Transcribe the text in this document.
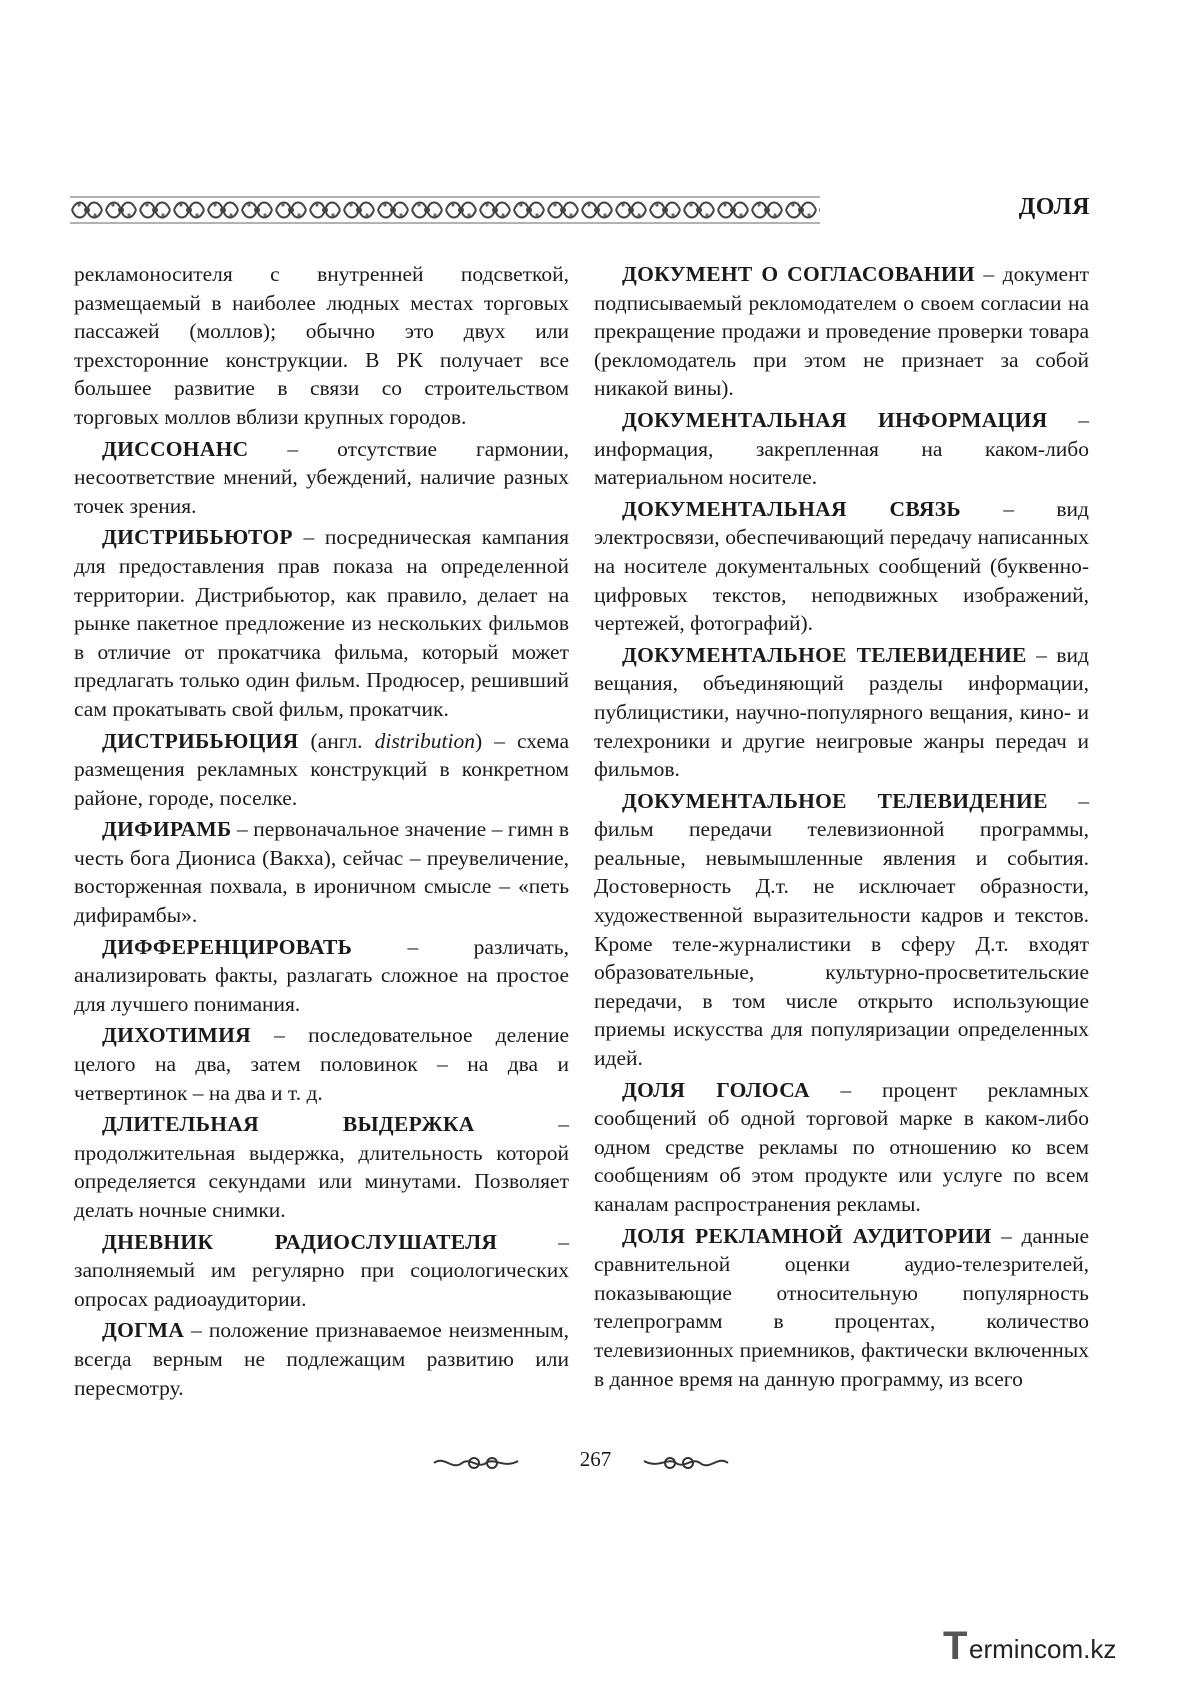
ДОЛЯ

рекламоносителя с внутренней подсветкой, размещаемый в наиболее людных местах торговых пассажей (моллов); обычно это двух или трехсторонние конструкции. В РК получает все большее развитие в связи со строительством торговых моллов вблизи крупных городов.

ДИССОНАНС – отсутствие гармонии, несоответствие мнений, убеждений, наличие разных точек зрения.

ДИСТРИБЬЮТОР – посредническая кампания для предоставления прав показа на определенной территории. Дистрибьютор, как правило, делает на рынке пакетное предложение из нескольких фильмов в отличие от прокатчика фильма, который может предлагать только один фильм. Продюсер, решивший сам прокатывать свой фильм, прокатчик.

ДИСТРИБЬЮЦИЯ (англ. distribution) – схема размещения рекламных конструкций в конкретном районе, городе, поселке.

ДИФИРАМБ – первоначальное значение – гимн в честь бога Диониса (Вакха), сейчас – преувеличение, восторженная похвала, в ироничном смысле – «петь дифирамбы».

ДИФФЕРЕНЦИРОВАТЬ – различать, анализировать факты, разлагать сложное на простое для лучшего понимания.

ДИХОТИМИЯ – последовательное деление целого на два, затем половинок – на два и четвертинок – на два и т. д.

ДЛИТЕЛЬНАЯ ВЫДЕРЖКА – продолжительная выдержка, длительность которой определяется секундами или минутами. Позволяет делать ночные снимки.

ДНЕВНИК РАДИОСЛУШАТЕЛЯ – заполняемый им регулярно при социологических опросах радиоаудитории.

ДОГМА – положение признаваемое неизменным, всегда верным не подлежащим развитию или пересмотру.

ДОКУМЕНТ О СОГЛАСОВАНИИ – документ подписываемый рекломодателем о своем согласии на прекращение продажи и проведение проверки товара (рекломодатель при этом не признает за собой никакой вины).

ДОКУМЕНТАЛЬНАЯ ИНФОРМАЦИЯ – информация, закрепленная на каком-либо материальном носителе.

ДОКУМЕНТАЛЬНАЯ СВЯЗЬ – вид электросвязи, обеспечивающий передачу написанных на носителе документальных сообщений (буквенно-цифровых текстов, неподвижных изображений, чертежей, фотографий).

ДОКУМЕНТАЛЬНОЕ ТЕЛЕВИДЕНИЕ – вид вещания, объединяющий разделы информации, публицистики, научно-популярного вещания, кино- и телехроники и другие неигровые жанры передач и фильмов.

ДОКУМЕНТАЛЬНОЕ ТЕЛЕВИДЕНИЕ – фильм передачи телевизионной программы, реальные, невымышленные явления и события. Достоверность Д.т. не исключает образности, художественной выразительности кадров и текстов. Кроме теле-журналистики в сферу Д.т. входят образовательные, культурно-просветительские передачи, в том числе открыто использующие приемы искусства для популяризации определенных идей.

ДОЛЯ ГОЛОСА – процент рекламных сообщений об одной торговой марке в каком-либо одном средстве рекламы по отношению ко всем сообщениям об этом продукте или услуге по всем каналам распространения рекламы.

ДОЛЯ РЕКЛАМНОЙ АУДИТОРИИ – данные сравнительной оценки аудио-телезрителей, показывающие относительную популярность телепрограмм в процентах, количество телевизионных приемников, фактически включенных в данное время на данную программу, из всего

267
T ermincom.kz
